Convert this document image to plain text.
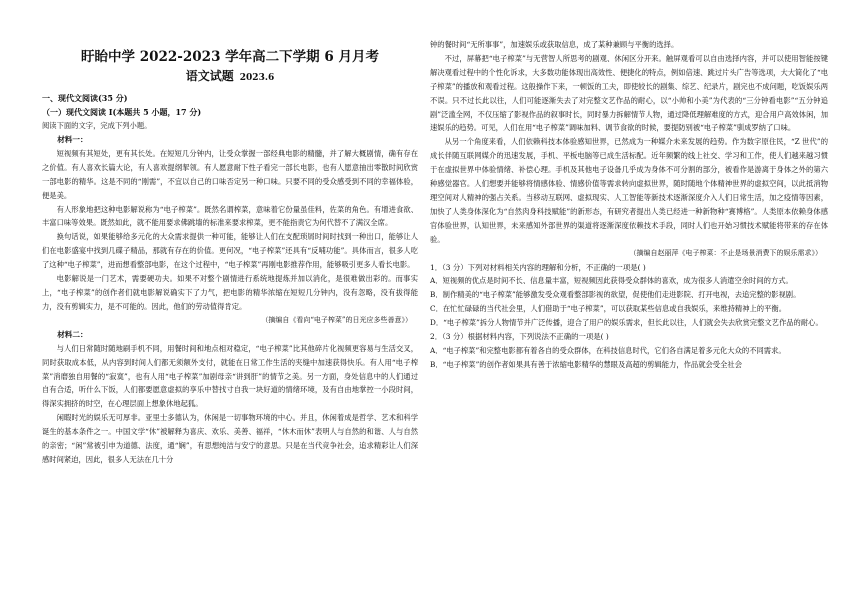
盱眙中学 2022-2023 学年高二下学期 6 月月考
语文试题 2023.6
一、现代文阅读(35 分)
（一）现代文阅读 I(本题共 5 小题，17 分)

阅读下面的文字，完成下列小题。

材料一：

短视频有其短处，更有其长处。在短短几分钟内，让受众掌握一部经典电影的精髓，并了解大概剧情，确有存在之价值。有人喜欢长篇大论，有人喜欢提纲挈领。有人愿意耐下性子看完一部长电影，也有人愿意抽出零散时间欣赏一部电影的精华。这是不同的“刚需”，不宜以自己的口味否定另一种口味。只要不同的受众感受到不同的幸福体验，便是美。

有人形象地把这种电影解说称为“电子榨菜”。既然名谓榨菜，意味着它份量虽佳料，佐菜的角色。有增进食欲、丰富口味等效果。既然如此，就不能用要求佛跳墙的标准来要求榨菜，更不能指责它为何代替不了满汉全席。

换句话说，如果能够给多元化的大众需求提供一种可能，能够让人们在支配琐屑时间时找到一种出口，能够让人们在电影盛宴中找到几碟子精品，那就有存在的价值。更何况，“电子榨菜”还具有“反哺功能”。具体而言，很多人吃了这种“电子榨菜”，进而想看整部电影，在这个过程中，“电子榨菜”再刚电影推荐作用，能够吸引更多人看长电影。

电影解说是一门艺术，需要硬功夫。如果不对整个剧情进行系统地提炼并加以消化，是很难做出彩的。而事实上，“电子榨菜”的创作者们就电影解说确实下了力气，把电影的精华浓缩在短短几分钟内，没有忽略，没有拔得能力，没有剪辑实力，是不可能的。因此，他们的劳动值得肯定。

（摘编自《看向“电子榨菜”的日光应多些善意》）

材料二：

与人们日常随时随地刷手机不同，用餐时间和地点相对稳定，“电子榨菜”比其他碎片化视频更容易与生活交叉，同时获取成本低，从内容到时间人们都无须额外支付，就能在日常工作生活的夹缝中加速获得快乐。有人用“电子榨菜”消磨独自用餐的“寂寞”，也有人用“电子榨菜”加剧母亲“讲到肝”的情节之美。另一方面，身处信息中的人们通过自有合适，听什么下饭，人们都要愿意虚拟的享乐中替找寸自我一块好道的情绪环境，及有自由地掌控一小段时间，得深实拥挤的时空，在心理层面上想象休地起狐。

闲暇时光的娱乐无可厚非。亚里士多德认为，休闲是一切事物环境的中心。并且，休闲着成是哲学、艺术和科学诞生的基本条件之一。中国文学“休”被解释为喜庆、欢乐、美善、福祥，“休木而休”表明人与自然的和谐、人与自然的亲密；“闲”常被引申为道德、法度，通“娴”，有思想纯洁与安宁的意思。只是在当代竞争社会，追求精彩让人们深感时间紧迫，因此，很多人无法在几十分

钟的餐时间“无所事事”，加速娱乐或获取信息，成了某种兼顾与平衡的选择。

不过，屏幕把“电子榨菜”与无营智人所思考的剧观、休闲区分开来。触屏观看可以自由选择内容，并可以使用智能按键解决观看过程中的个性化诉求，大多数功能体现出高效性、便捷化的特点，例如倍速、跳过片头广告等选项，大大简化了“电子榨菜”的播放和观看过程。这般操作下来，一顿饭的工夫，即使较长的剧集、综艺、纪录片，剧完也不成问题，吃饭娱乐两不误。只不过长此以往，人们可能逐渐失去了对完整文艺作品的耐心，以“小帅和小美”为代表的“三分钟看电影”“五分钟追剧”泛滥全网，不仅压缩了影视作品的叙事时长，同时暴力拆解情节人物，通过降低理解难度的方式，迎合用户高效体闲，加速娱乐的趋势。可见，人们在用“电子榨菜”调味加料、调节食欲的时候，要提防别被“电子榨菜”驯成罗纳了口味。

从另一个角度来看，人们依赖科技本体验感知世界，已然成为一种媒介未来发展的趋势。作为数字原住民，“Z 世代”的成长伴随互联网媒介的迅速发展，手机、平板电脑等已成生活标配。近年频繁的线上社交、学习和工作，使人们越来越习惯于在虚拟世界中体验情绪、补偿心理。手机及其他电子设备几乎成为身体不可分割的部分，被看作是游离于身体之外的第六种感觉器官。人们想要并能够将情感体验、情感价值等需求转向虚拟世界，随时随地个体精神世界的虚拟空间，以此抵消物理空间对人精神的强占关系。当移动互联网、虚拟现实、人工智能等新技术逐渐深度介入人们日常生活，加之疫情等因素，加快了人类身体深化为“自然肉身科技赋能”的新形态，有研究者提出人类已经进一种新物种“赛博格”。人类原本依赖身体感官体验世界，认知世界，未来感知外部世界的渠道将逐渐深度依赖技术手段，同时人们也开始习惯技术赋能将带来的存在体验。

（摘编自赵丽萍《电子榨菜：不止是场景消费下的娱乐需求》）

1．（3 分）下列对材料相关内容的理解和分析，不正确的一项是( )

A．短视频的优点是时间不长、信息量丰富，短视频因此获得受众群体的喜欢，成为很多人消遣空余时间的方式。

B．制作精美的“电子榨菜”能够激发受众观看整部影视的欲望，促使他们走进影院、打开电视，去追完整的影视剧。

C．在忙忙碌碌的当代社会里，人们借助于“电子榨菜”，可以获取某些信息或自我娱乐，来维持精神上的平衡。

D．“电子榨菜”拆分人物情节并广泛传播，迎合了用户的娱乐需求，但长此以往，人们就会失去欣赏完整文艺作品的耐心。

2．（3 分）根据材料内容，下列说法不正确的一项是( )

A．“电子榨菜”和完整电影都有着各自的受众群体，在科技信息时代，它们各自满足着多元化大众的不同需求。

B．“电子榨菜”的创作者如果具有善于浓缩电影精华的慧眼及高超的剪辑能力，作品就会受全社会
